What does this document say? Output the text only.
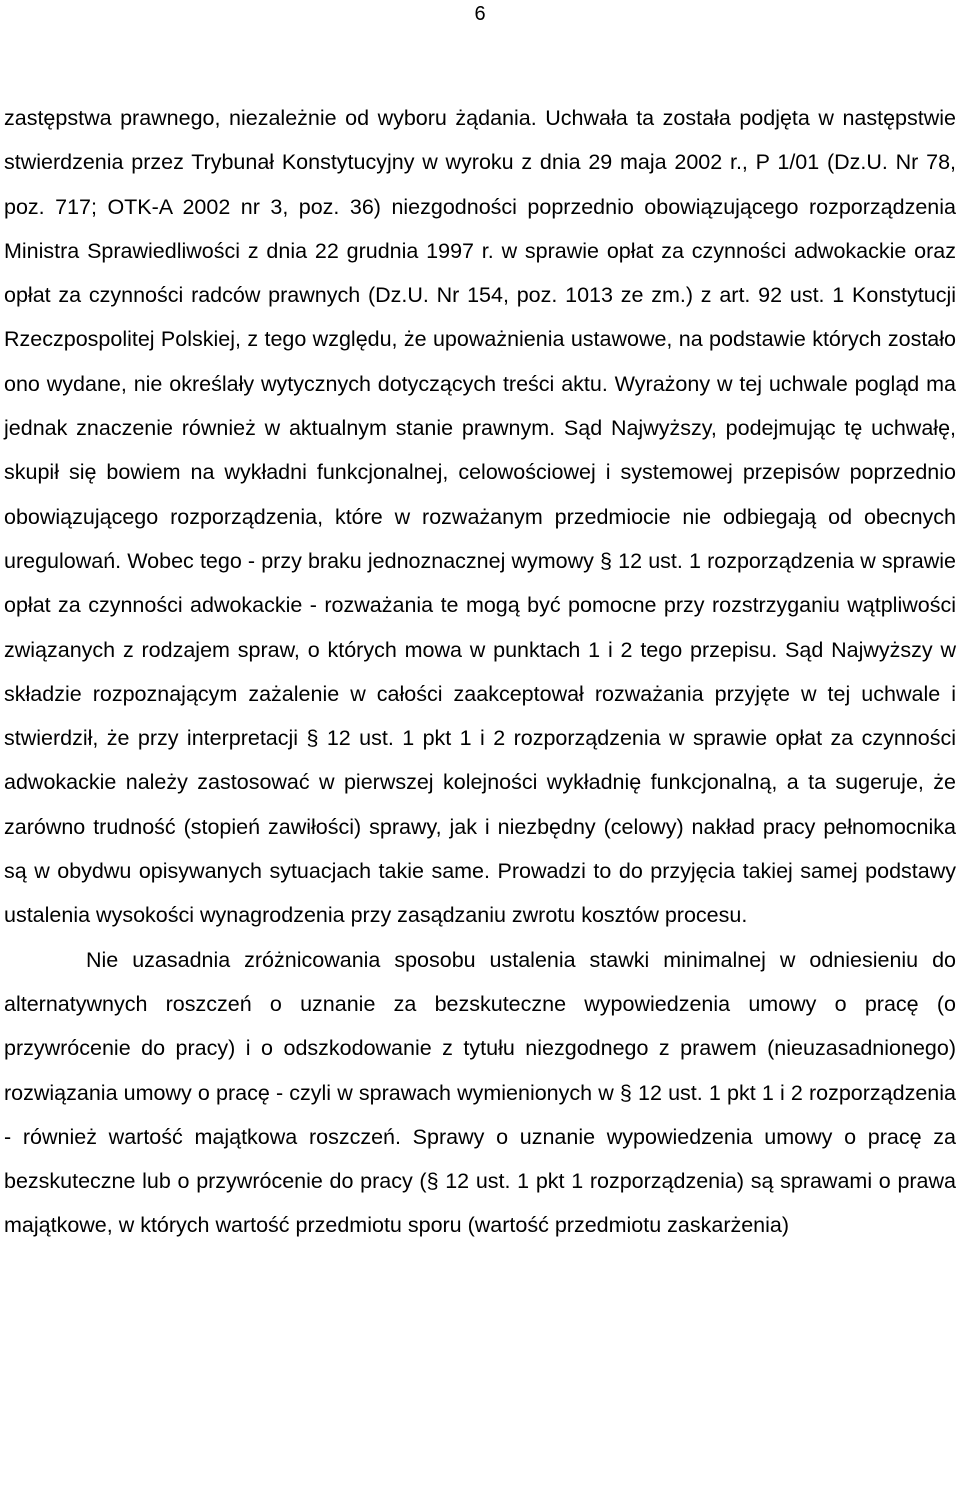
6

zastępstwa prawnego, niezależnie od wyboru żądania. Uchwała ta została podjęta w następstwie stwierdzenia przez Trybunał Konstytucyjny w wyroku z dnia 29 maja 2002 r., P 1/01 (Dz.U. Nr 78, poz. 717; OTK-A 2002 nr 3, poz. 36) niezgodności poprzednio obowiązującego rozporządzenia Ministra Sprawiedliwości z dnia 22 grudnia 1997 r. w sprawie opłat za czynności adwokackie oraz opłat za czynności radców prawnych (Dz.U. Nr 154, poz. 1013 ze zm.) z art. 92 ust. 1 Konstytucji Rzeczpospolitej Polskiej, z tego względu, że upoważnienia ustawowe, na podstawie których zostało ono wydane, nie określały wytycznych dotyczących treści aktu. Wyrażony w tej uchwale pogląd ma jednak znaczenie również w aktualnym stanie prawnym. Sąd Najwyższy, podejmując tę uchwałę, skupił się bowiem na wykładni funkcjonalnej, celowościowej i systemowej przepisów poprzednio obowiązującego rozporządzenia, które w rozważanym przedmiocie nie odbiegają od obecnych uregulowań. Wobec tego - przy braku jednoznacznej wymowy § 12 ust. 1 rozporządzenia w sprawie opłat za czynności adwokackie - rozważania te mogą być pomocne przy rozstrzyganiu wątpliwości związanych z rodzajem spraw, o których mowa w punktach 1 i 2 tego przepisu. Sąd Najwyższy w składzie rozpoznającym zażalenie w całości zaakceptował rozważania przyjęte w tej uchwale i stwierdził, że przy interpretacji § 12 ust. 1 pkt 1 i 2 rozporządzenia w sprawie opłat za czynności adwokackie należy zastosować w pierwszej kolejności wykładnię funkcjonalną, a ta sugeruje, że zarówno trudność (stopień zawiłości) sprawy, jak i niezbędny (celowy) nakład pracy pełnomocnika są w obydwu opisywanych sytuacjach takie same. Prowadzi to do przyjęcia takiej samej podstawy ustalenia wysokości wynagrodzenia przy zasądzaniu zwrotu kosztów procesu.

Nie uzasadnia zróżnicowania sposobu ustalenia stawki minimalnej w odniesieniu do alternatywnych roszczeń o uznanie za bezskuteczne wypowiedzenia umowy o pracę (o przywrócenie do pracy) i o odszkodowanie z tytułu niezgodnego z prawem (nieuzasadnionego) rozwiązania umowy o pracę - czyli w sprawach wymienionych w § 12 ust. 1 pkt 1 i 2 rozporządzenia - również wartość majątkowa roszczeń. Sprawy o uznanie wypowiedzenia umowy o pracę za bezskuteczne lub o przywrócenie do pracy (§ 12 ust. 1 pkt 1 rozporządzenia) są sprawami o prawa majątkowe, w których wartość przedmiotu sporu (wartość przedmiotu zaskarżenia)
